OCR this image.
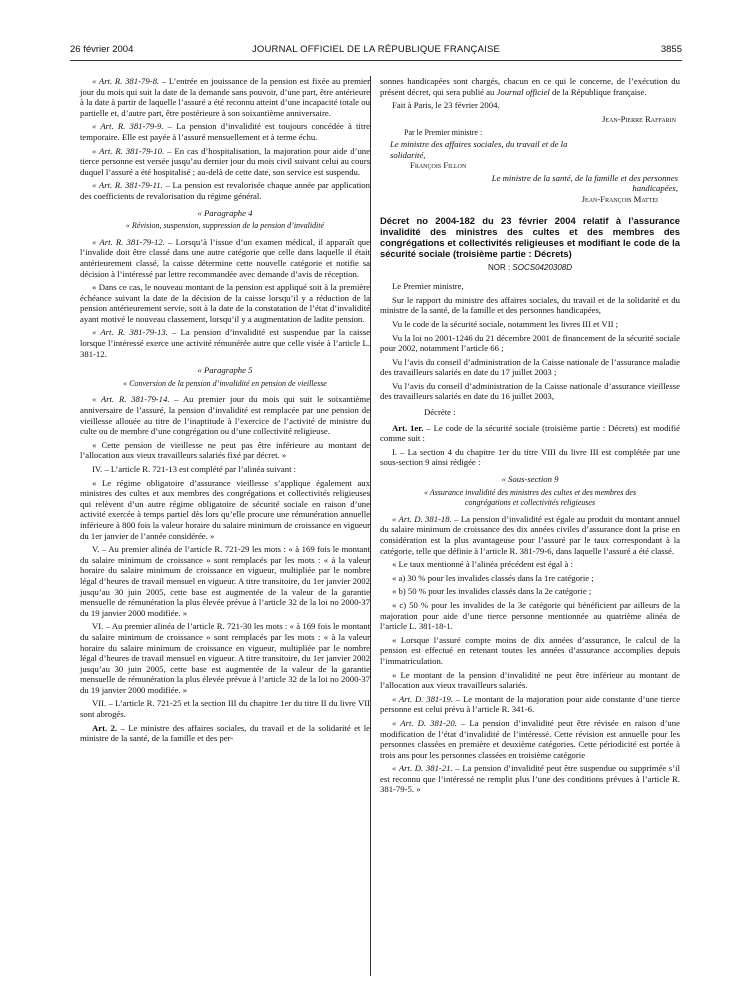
26 février 2004	JOURNAL OFFICIEL DE LA RÉPUBLIQUE FRANÇAISE	3855

« Art. R. 381-79-8. – L’entrée en jouissance de la pension est fixée au premier jour du mois qui suit la date de la demande sans pouvoir, d’une part, être antérieure à la date à partir de laquelle l’assuré a été reconnu atteint d’une incapacité totale ou partielle et, d’autre part, être postérieure à son soixantième anniversaire.

« Art. R. 381-79-9. – La pension d’invalidité est toujours concédée à titre temporaire. Elle est payée à l’assuré mensuellement et à terme échu.

« Art. R. 381-79-10. – En cas d’hospitalisation, la majoration pour aide d’une tierce personne est versée jusqu’au dernier jour du mois civil suivant celui au cours duquel l’assuré a été hospitalisé ; au-delà de cette date, son service est suspendu.

« Art. R. 381-79-11. – La pension est revalorisée chaque année par application des coefficients de revalorisation du régime général.

« Paragraphe 4

« Révision, suspension, suppression de la pension d’invalidité

« Art. R. 381-79-12. – Lorsqu’à l’issue d’un examen médical, il apparaît que l’invalide doit être classé dans une autre catégorie que celle dans laquelle il était antérieurement classé, la caisse détermine cette nouvelle catégorie et notifie sa décision à l’intéressé par lettre recommandée avec demande d’avis de réception.

« Dans ce cas, le nouveau montant de la pension est appliqué soit à la première échéance suivant la date de la décision de la caisse lorsqu’il y a réduction de la pension antérieurement servie, soit à la date de la constatation de l’état d’invalidité ayant motivé le nouveau classement, lorsqu’il y a augmentation de ladite pension.

« Art. R. 381-79-13. – La pension d’invalidité est suspendue par la caisse lorsque l’intéressé exerce une activité rémunérée autre que celle visée à l’article L. 381-12.

« Paragraphe 5

« Conversion de la pension d’invalidité en pension de vieillesse

« Art. R. 381-79-14. – Au premier jour du mois qui suit le soixantième anniversaire de l’assuré, la pension d’invalidité est remplacée par une pension de vieillesse allouée au titre de l’inaptitude à l’exercice de l’activité de ministre du culte ou de membre d’une congrégation ou d’une collectivité religieuse.

« Cette pension de vieillesse ne peut pas être inférieure au montant de l’allocation aux vieux travailleurs salariés fixé par décret. »

IV. – L’article R. 721-13 est complété par l’alinéa suivant :

« Le régime obligatoire d’assurance vieillesse s’applique également aux ministres des cultes et aux membres des congrégations et collectivités religieuses qui relèvent d’un autre régime obligatoire de sécurité sociale en raison d’une activité exercée à temps partiel dès lors qu’elle procure une rémunération annuelle inférieure à 800 fois la valeur horaire du salaire minimum de croissance en vigueur du 1er janvier de l’année considérée. »

V. – Au premier alinéa de l’article R. 721-29 les mots : « à 169 fois le montant du salaire minimum de croissance » sont remplacés par les mots : « à la valeur horaire du salaire minimum de croissance en vigueur, multipliée par le nombre légal d’heures de travail mensuel en vigueur. A titre transitoire, du 1er janvier 2002 jusqu’au 30 juin 2005, cette base est augmentée de la valeur de la garantie mensuelle de rémunération la plus élevée prévue à l’article 32 de la loi no 2000-37 du 19 janvier 2000 modifiée. »

VI. – Au premier alinéa de l’article R. 721-30 les mots : « à 169 fois le montant du salaire minimum de croissance » sont remplacés par les mots : « à la valeur horaire du salaire minimum de croissance en vigueur, multipliée par le nombre légal d’heures de travail mensuel en vigueur. A titre transitoire, du 1er janvier 2002 jusqu’au 30 juin 2005, cette base est augmentée de la valeur de la garantie mensuelle de rémunération la plus élevée prévue à l’article 32 de la loi no 2000-37 du 19 janvier 2000 modifiée. »

VII. – L’article R. 721-25 et la section III du chapitre 1er du titre II du livre VII sont abrogés.

Art. 2. – Le ministre des affaires sociales, du travail et de la solidarité et le ministre de la santé, de la famille et des per-

sonnes handicapées sont chargés, chacun en ce qui le concerne, de l’exécution du présent décret, qui sera publié au Journal officiel de la République française.

Fait à Paris, le 23 février 2004.

Jean-Pierre Raffarin

Par le Premier ministre :

Le ministre des affaires sociales, du travail et de la solidarité,

François Fillon

Le ministre de la santé, de la famille et des personnes handicapées,

Jean-François Mattei

Décret no 2004-182 du 23 février 2004 relatif à l’assurance invalidité des ministres des cultes et des membres des congrégations et collectivités religieuses et modifiant le code de la sécurité sociale (troisième partie : Décrets)

NOR : SOCS0420308D

Le Premier ministre,

Sur le rapport du ministre des affaires sociales, du travail et de la solidarité et du ministre de la santé, de la famille et des personnes handicapées,

Vu le code de la sécurité sociale, notamment les livres III et VII ;

Vu la loi no 2001-1246 du 21 décembre 2001 de financement de la sécurité sociale pour 2002, notamment l’article 66 ;

Vu l’avis du conseil d’administration de la Caisse nationale de l’assurance maladie des travailleurs salariés en date du 17 juillet 2003 ;

Vu l’avis du conseil d’administration de la Caisse nationale d’assurance vieillesse des travailleurs salariés en date du 16 juillet 2003,

Décrète :

Art. 1er. – Le code de la sécurité sociale (troisième partie : Décrets) est modifié comme suit :

I. – La section 4 du chapitre 1er du titre VIII du livre III est complétée par une sous-section 9 ainsi rédigée :

« Sous-section 9

« Assurance invalidité des ministres des cultes et des membres des congrégations et collectivités religieuses

« Art. D. 381-18. – La pension d’invalidité est égale au produit du montant annuel du salaire minimum de croissance des dix années civiles d’assurance dont la prise en considération est la plus avantageuse pour l’assuré par le taux correspondant à la catégorie, telle que définie à l’article R. 381-79-6, dans laquelle l’assuré a été classé.

« Le taux mentionné à l’alinéa précédent est égal à :

« a) 30 % pour les invalides classés dans la 1re catégorie ;

« b) 50 % pour les invalides classés dans la 2e catégorie ;

« c) 50 % pour les invalides de la 3e catégorie qui bénéficient par ailleurs de la majoration pour aide d’une tierce personne mentionnée au quatrième alinéa de l’article L. 381-18-1.

« Lorsque l’assuré compte moins de dix années d’assurance, le calcul de la pension est effectué en retenant toutes les années d’assurance accomplies depuis l’immatriculation.

« Le montant de la pension d’invalidité ne peut être inférieur au montant de l’allocation aux vieux travailleurs salariés.

« Art. D. 381-19. – Le montant de la majoration pour aide constante d’une tierce personne est celui prévu à l’article R. 341-6.

« Art. D. 381-20. – La pension d’invalidité peut être révisée en raison d’une modification de l’état d’invalidité de l’intéressé. Cette révision est annuelle pour les personnes classées en première et deuxième catégories. Cette périodicité est portée à trois ans pour les personnes classées en troisième catégorie

« Art. D. 381-21. – La pension d’invalidité peut être suspendue ou supprimée s’il est reconnu que l’intéressé ne remplit plus l’une des conditions prévues à l’article R. 381-79-5. »
